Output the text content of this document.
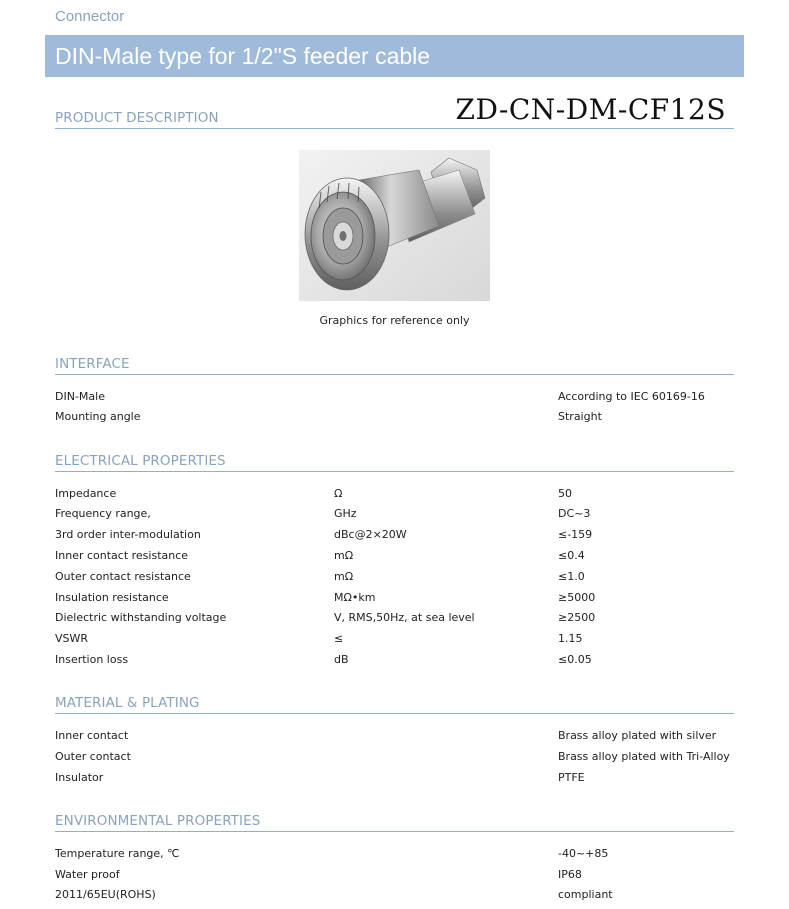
Connector
DIN-Male type for 1/2"S feeder cable
PRODUCT DESCRIPTION	ZD-CN-DM-CF12S
Graphics for reference only
INTERFACE
DIN-Male	According to IEC 60169-16
Mounting angle	Straight
ELECTRICAL PROPERTIES
Impedance	Ω	50
Frequency range,	GHz	DC~3
3rd order inter-modulation	dBc@2×20W	≤-159
Inner contact resistance	mΩ	≤0.4
Outer contact resistance	mΩ	≤1.0
Insulation resistance	MΩ•km	≥5000
Dielectric withstanding voltage	V, RMS,50Hz, at sea level	≥2500
VSWR	≤	1.15
Insertion loss	dB	≤0.05
MATERIAL & PLATING
Inner contact	Brass alloy plated with silver
Outer contact	Brass alloy plated with Tri-Alloy
Insulator	PTFE
ENVIRONMENTAL PROPERTIES
Temperature range, ℃	-40~+85
Water proof	IP68
2011/65EU(ROHS)	compliant
